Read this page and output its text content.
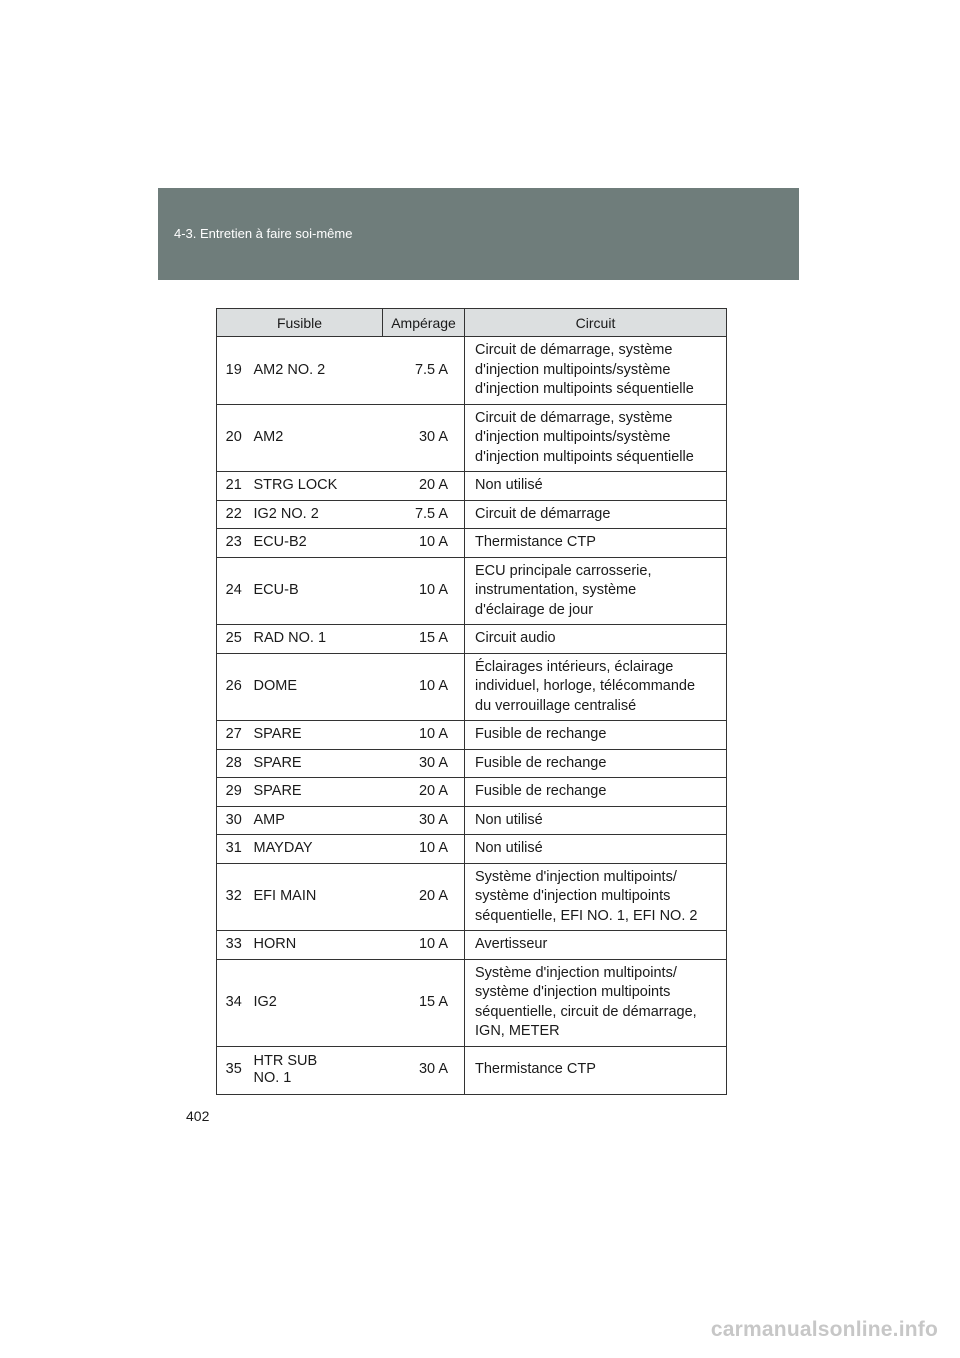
4-3. Entretien à faire soi-même
Fusible		Ampérage	Circuit
19	AM2 NO. 2	7.5 A	Circuit de démarrage, système
d'injection multipoints/système
d'injection multipoints séquentielle

20	AM2	30 A	Circuit de démarrage, système
d'injection multipoints/système
d'injection multipoints séquentielle

21	STRG LOCK	20 A	Non utilisé

22	IG2 NO. 2	7.5 A	Circuit de démarrage

23	ECU-B2	10 A	Thermistance CTP

24	ECU-B	10 A	ECU principale carrosserie,
instrumentation, système
d'éclairage de jour

25	RAD NO. 1	15 A	Circuit audio

26	DOME	10 A	Éclairages intérieurs, éclairage
individuel, horloge, télécommande
du verrouillage centralisé

27	SPARE	10 A	Fusible de rechange

28	SPARE	30 A	Fusible de rechange

29	SPARE	20 A	Fusible de rechange

30	AMP	30 A	Non utilisé

31	MAYDAY	10 A	Non utilisé

32	EFI MAIN	20 A	Système d'injection multipoints/
système d'injection multipoints
séquentielle, EFI NO. 1, EFI NO. 2

33	HORN	10 A	Avertisseur

34	IG2	15 A	Système d'injection multipoints/
système d'injection multipoints
séquentielle, circuit de démarrage,
IGN, METER

35	HTR SUB
NO. 1	30 A	Thermistance CTP
402
carmanualsonline.info
